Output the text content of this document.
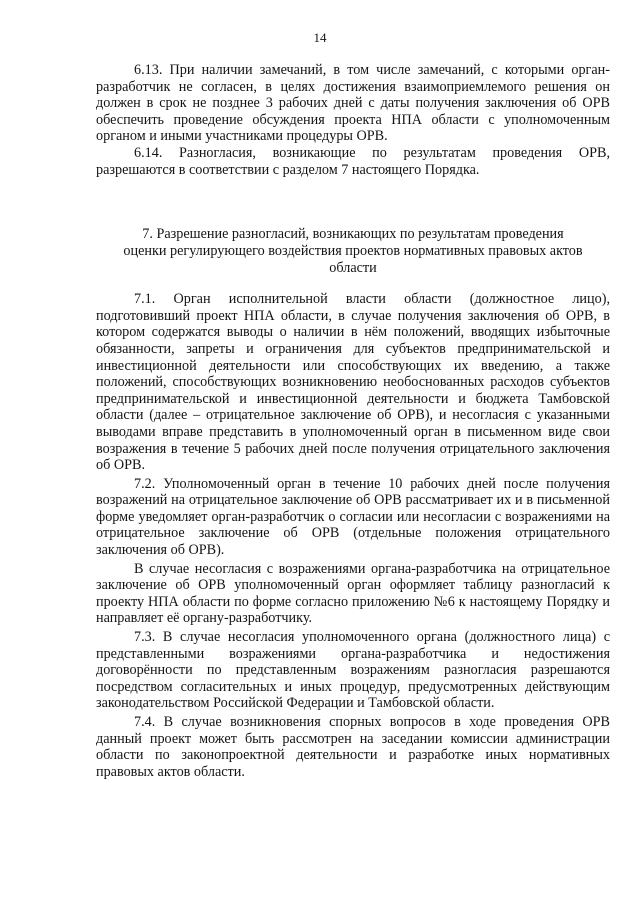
14

6.13. При наличии замечаний, в том числе замечаний, с которыми орган-разработчик не согласен, в целях достижения взаимоприемлемого решения он должен в срок не позднее 3 рабочих дней с даты получения заключения об ОРВ обеспечить проведение обсуждения проекта НПА области с уполномоченным органом и иными участниками процедуры ОРВ.

6.14. Разногласия, возникающие по результатам проведения ОРВ, разрешаются в соответствии с разделом 7 настоящего Порядка.

7. Разрешение разногласий, возникающих по результатам проведения
оценки регулирующего воздействия проектов нормативных правовых актов
области

7.1. Орган исполнительной власти области (должностное лицо), подготовивший проект НПА области, в случае получения заключения об ОРВ, в котором содержатся выводы о наличии в нём положений, вводящих избыточные обязанности, запреты и ограничения для субъектов предпринимательской и инвестиционной деятельности или способствующих их введению, а также положений, способствующих возникновению необоснованных расходов субъектов предпринимательской и инвестиционной деятельности и бюджета Тамбовской области (далее – отрицательное заключение об ОРВ), и несогласия с указанными выводами вправе представить в уполномоченный орган в письменном виде свои возражения в течение 5 рабочих дней после получения отрицательного заключения об ОРВ.

7.2. Уполномоченный орган в течение 10 рабочих дней после получения возражений на отрицательное заключение об ОРВ рассматривает их и в письменной форме уведомляет орган-разработчик о согласии или несогласии с возражениями на отрицательное заключение об ОРВ (отдельные положения отрицательного заключения об ОРВ).

В случае несогласия с возражениями органа-разработчика на отрицательное заключение об ОРВ уполномоченный орган оформляет таблицу разногласий к проекту НПА области по форме согласно приложению №6 к настоящему Порядку и направляет её органу-разработчику.

7.3. В случае несогласия уполномоченного органа (должностного лица) с представленными возражениями органа-разработчика и недостижения договорённости по представленным возражениям разногласия разрешаются посредством согласительных и иных процедур, предусмотренных действующим законодательством Российской Федерации и Тамбовской области.

7.4. В случае возникновения спорных вопросов в ходе проведения ОРВ данный проект может быть рассмотрен на заседании комиссии администрации области по законопроектной деятельности и разработке иных нормативных правовых актов области.
